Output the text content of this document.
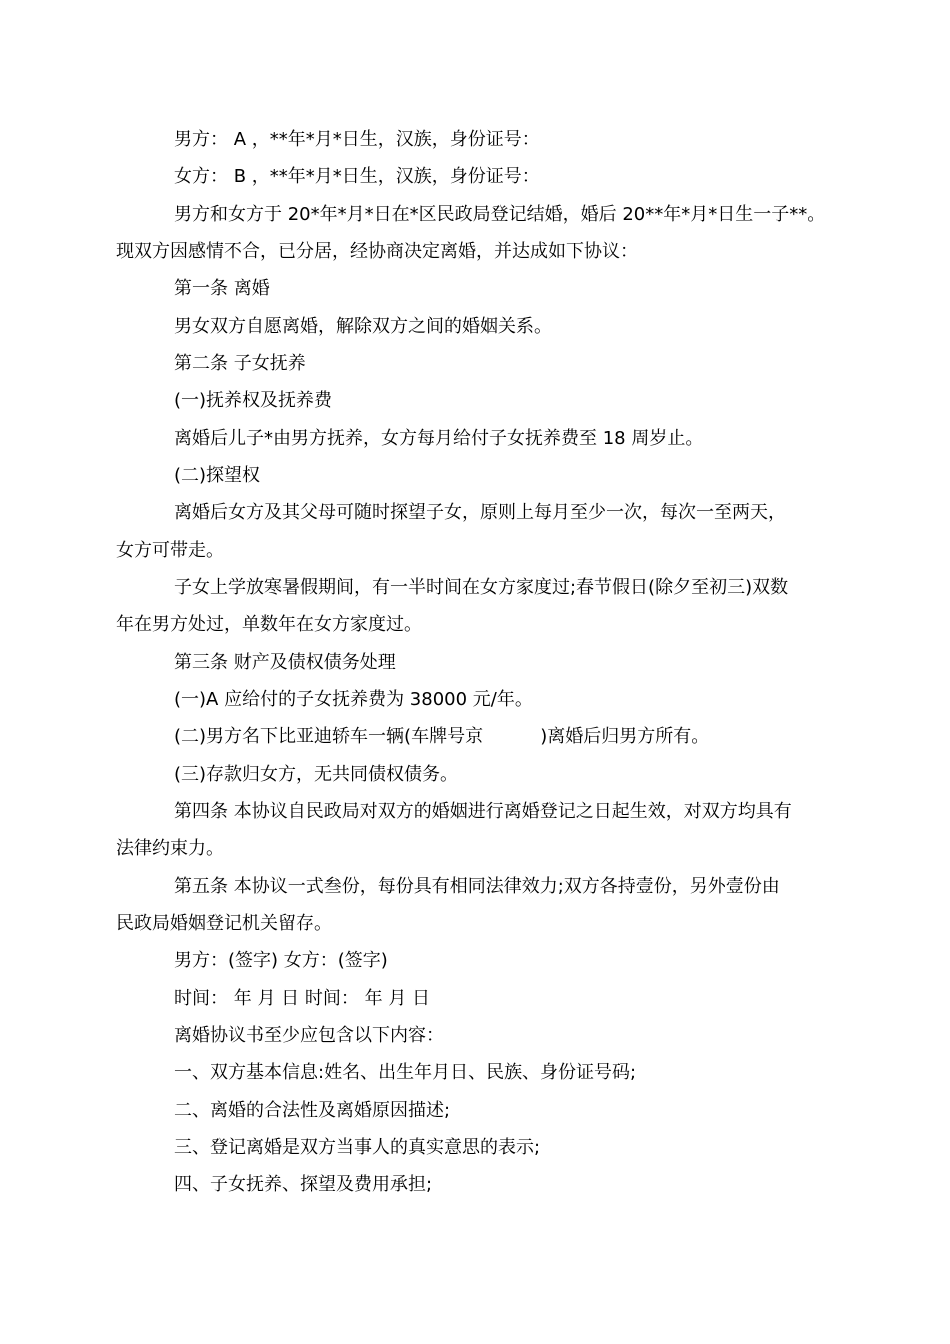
男方： A ，**年*月*日生，汉族，身份证号：
女方： B ，**年*月*日生，汉族，身份证号：
男方和女方于 20*年*月*日在*区民政局登记结婚，婚后 20**年*月*日生一子**。
现双方因感情不合，已分居，经协商决定离婚，并达成如下协议：
第一条 离婚
男女双方自愿离婚，解除双方之间的婚姻关系。
第二条 子女抚养
(一)抚养权及抚养费
离婚后儿子*由男方抚养，女方每月给付子女抚养费至 18 周岁止。
(二)探望权
离婚后女方及其父母可随时探望子女，原则上每月至少一次，每次一至两天，
女方可带走。
子女上学放寒暑假期间，有一半时间在女方家度过;春节假日(除夕至初三)双数
年在男方处过，单数年在女方家度过。
第三条 财产及债权债务处理
(一)A 应给付的子女抚养费为 38000 元/年。
(二)男方名下比亚迪轿车一辆(车牌号京          )离婚后归男方所有。
(三)存款归女方，无共同债权债务。
第四条 本协议自民政局对双方的婚姻进行离婚登记之日起生效，对双方均具有
法律约束力。
第五条 本协议一式叁份，每份具有相同法律效力;双方各持壹份，另外壹份由
民政局婚姻登记机关留存。
男方：(签字) 女方：(签字)
时间： 年 月 日 时间： 年 月 日
离婚协议书至少应包含以下内容：
一、双方基本信息:姓名、出生年月日、民族、身份证号码;
二、离婚的合法性及离婚原因描述;
三、登记离婚是双方当事人的真实意思的表示;
四、子女抚养、探望及费用承担;
